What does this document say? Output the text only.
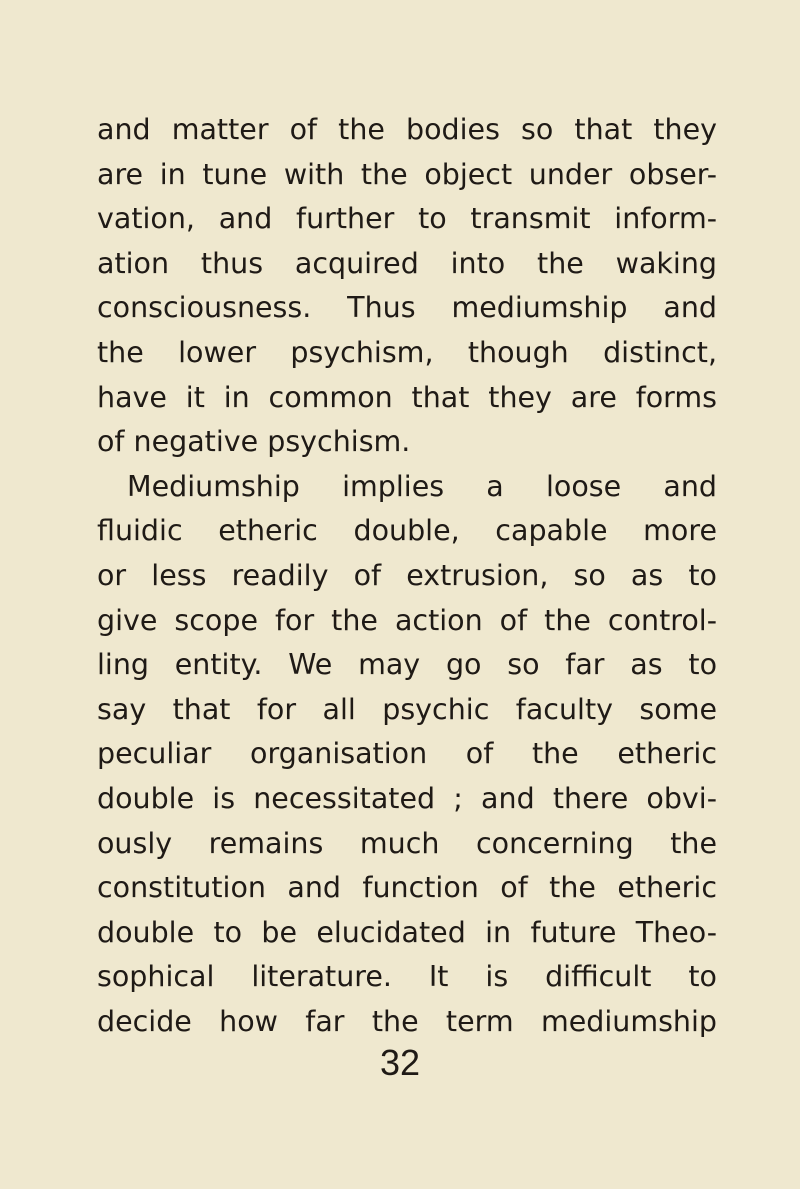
and matter of the bodies so that they
are in tune with the object under obser-
vation, and further to transmit inform-
ation thus acquired into the waking
consciousness. Thus mediumship and
the lower psychism, though distinct,
have it in common that they are forms
of negative psychism.
Mediumship implies a loose and
fluidic etheric double, capable more
or less readily of extrusion, so as to
give scope for the action of the control-
ling entity. We may go so far as to
say that for all psychic faculty some
peculiar organisation of the etheric
double is necessitated ; and there obvi-
ously remains much concerning the
constitution and function of the etheric
double to be elucidated in future Theo-
sophical literature. It is difficult to
decide how far the term mediumship
32
